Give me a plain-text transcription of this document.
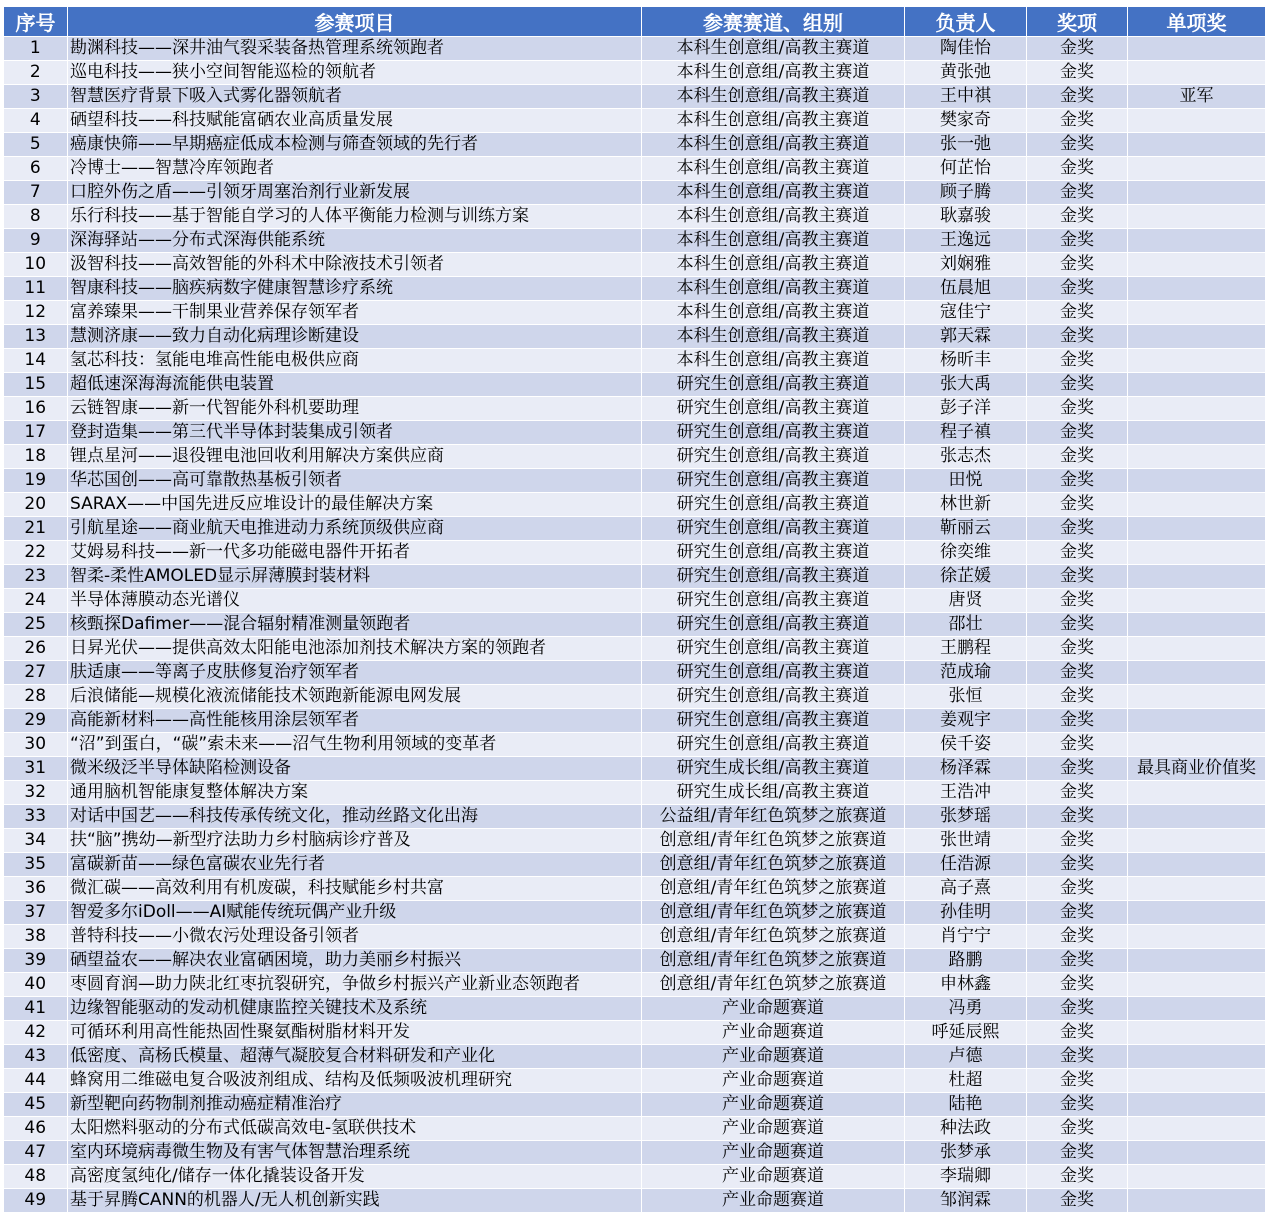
序号	参赛项目	参赛赛道、组别	负责人	奖项	单项奖
1	勘渊科技——深井油气裂采装备热管理系统领跑者	本科生创意组/高教主赛道	陶佳怡	金奖	
2	巡电科技——狭小空间智能巡检的领航者	本科生创意组/高教主赛道	黄张弛	金奖	
3	智慧医疗背景下吸入式雾化器领航者	本科生创意组/高教主赛道	王中祺	金奖	亚军
4	硒望科技——科技赋能富硒农业高质量发展	本科生创意组/高教主赛道	樊家奇	金奖	
5	癌康快筛——早期癌症低成本检测与筛查领域的先行者	本科生创意组/高教主赛道	张一弛	金奖	
6	冷博士——智慧冷库领跑者	本科生创意组/高教主赛道	何芷怡	金奖	
7	口腔外伤之盾——引领牙周塞治剂行业新发展	本科生创意组/高教主赛道	顾子腾	金奖	
8	乐行科技——基于智能自学习的人体平衡能力检测与训练方案	本科生创意组/高教主赛道	耿嘉骏	金奖	
9	深海驿站——分布式深海供能系统	本科生创意组/高教主赛道	王逸远	金奖	
10	汲智科技——高效智能的外科术中除液技术引领者	本科生创意组/高教主赛道	刘娴雅	金奖	
11	智康科技——脑疾病数字健康智慧诊疗系统	本科生创意组/高教主赛道	伍晨旭	金奖	
12	富养臻果——干制果业营养保存领军者	本科生创意组/高教主赛道	寇佳宁	金奖	
13	慧测济康——致力自动化病理诊断建设	本科生创意组/高教主赛道	郭天霖	金奖	
14	氢芯科技：氢能电堆高性能电极供应商	本科生创意组/高教主赛道	杨昕丰	金奖	
15	超低速深海海流能供电装置	研究生创意组/高教主赛道	张大禹	金奖	
16	云链智康——新一代智能外科机要助理	研究生创意组/高教主赛道	彭子洋	金奖	
17	登封造集——第三代半导体封装集成引领者	研究生创意组/高教主赛道	程子禛	金奖	
18	锂点星河——退役锂电池回收利用解决方案供应商	研究生创意组/高教主赛道	张志杰	金奖	
19	华芯国创——高可靠散热基板引领者	研究生创意组/高教主赛道	田悦	金奖	
20	SARAX——中国先进反应堆设计的最佳解决方案	研究生创意组/高教主赛道	林世新	金奖	
21	引航星途——商业航天电推进动力系统顶级供应商	研究生创意组/高教主赛道	靳丽云	金奖	
22	艾姆易科技——新一代多功能磁电器件开拓者	研究生创意组/高教主赛道	徐奕维	金奖	
23	智柔-柔性AMOLED显示屏薄膜封装材料	研究生创意组/高教主赛道	徐芷媛	金奖	
24	半导体薄膜动态光谱仪	研究生创意组/高教主赛道	唐贤	金奖	
25	核甄探Dafimer——混合辐射精准测量领跑者	研究生创意组/高教主赛道	邵壮	金奖	
26	日昇光伏——提供高效太阳能电池添加剂技术解决方案的领跑者	研究生创意组/高教主赛道	王鹏程	金奖	
27	肤适康——等离子皮肤修复治疗领军者	研究生创意组/高教主赛道	范成瑜	金奖	
28	后浪储能—规模化液流储能技术领跑新能源电网发展	研究生创意组/高教主赛道	张恒	金奖	
29	高能新材料——高性能核用涂层领军者	研究生创意组/高教主赛道	姜观宇	金奖	
30	“沼”到蛋白，“碳”索未来——沼气生物利用领域的变革者	研究生创意组/高教主赛道	侯千姿	金奖	
31	微米级泛半导体缺陷检测设备	研究生成长组/高教主赛道	杨泽霖	金奖	最具商业价值奖
32	通用脑机智能康复整体解决方案	研究生成长组/高教主赛道	王浩冲	金奖	
33	对话中国艺——科技传承传统文化，推动丝路文化出海	公益组/青年红色筑梦之旅赛道	张梦瑶	金奖	
34	扶“脑”携幼—新型疗法助力乡村脑病诊疗普及	创意组/青年红色筑梦之旅赛道	张世靖	金奖	
35	富碳新苗——绿色富碳农业先行者	创意组/青年红色筑梦之旅赛道	任浩源	金奖	
36	微汇碳——高效利用有机废碳，科技赋能乡村共富	创意组/青年红色筑梦之旅赛道	高子熹	金奖	
37	智爱多尔iDoll——AI赋能传统玩偶产业升级	创意组/青年红色筑梦之旅赛道	孙佳明	金奖	
38	普特科技——小微农污处理设备引领者	创意组/青年红色筑梦之旅赛道	肖宁宁	金奖	
39	硒望益农——解决农业富硒困境，助力美丽乡村振兴	创意组/青年红色筑梦之旅赛道	路鹏	金奖	
40	枣圆育润—助力陕北红枣抗裂研究，争做乡村振兴产业新业态领跑者	创意组/青年红色筑梦之旅赛道	申林鑫	金奖	
41	边缘智能驱动的发动机健康监控关键技术及系统	产业命题赛道	冯勇	金奖	
42	可循环利用高性能热固性聚氨酯树脂材料开发	产业命题赛道	呼延辰熙	金奖	
43	低密度、高杨氏模量、超薄气凝胶复合材料研发和产业化	产业命题赛道	卢德	金奖	
44	蜂窝用二维磁电复合吸波剂组成、结构及低频吸波机理研究	产业命题赛道	杜超	金奖	
45	新型靶向药物制剂推动癌症精准治疗	产业命题赛道	陆艳	金奖	
46	太阳燃料驱动的分布式低碳高效电-氢联供技术	产业命题赛道	种法政	金奖	
47	室内环境病毒微生物及有害气体智慧治理系统	产业命题赛道	张梦承	金奖	
48	高密度氢纯化/储存一体化撬装设备开发	产业命题赛道	李瑞卿	金奖	
49	基于昇腾CANN的机器人/无人机创新实践	产业命题赛道	邹润霖	金奖	
